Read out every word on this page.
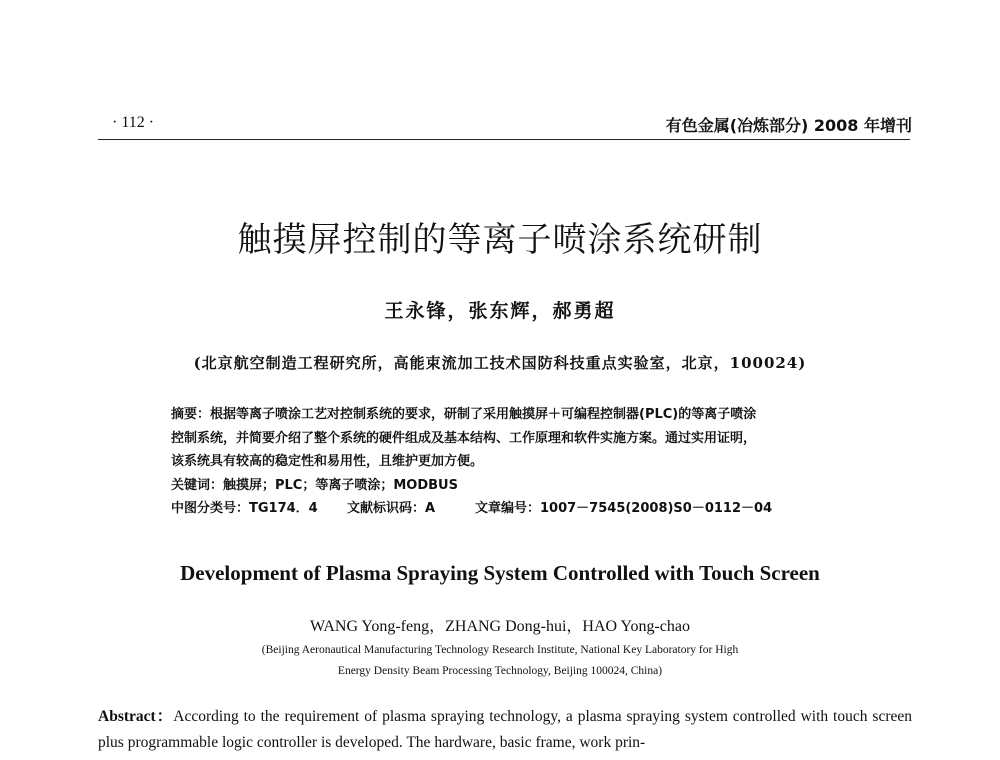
· 112 ·	有色金属(冶炼部分) 2008 年增刊
触摸屏控制的等离子喷涂系统研制
王永锋，张东辉，郝勇超
(北京航空制造工程研究所，高能束流加工技术国防科技重点实验室，北京，100024)

摘要：根据等离子喷涂工艺对控制系统的要求，研制了采用触摸屏＋可编程控制器(PLC)的等离子喷涂

控制系统，并简要介绍了整个系统的硬件组成及基本结构、工作原理和软件实施方案。通过实用证明，

该系统具有较高的稳定性和易用性，且维护更加方便。

关键词：触摸屏；PLC；等离子喷涂；MODBUS

中图分类号：TG174．4 文献标识码：A	文章编号：1007－7545(2008)S0－0112－04

Development of Plasma Spraying System Controlled with Touch Screen
WANG Yong-feng，ZHANG Dong-hui，HAO Yong-chao
(Beijing Aeronautical Manufacturing Technology Research Institute, National Key Laboratory for High
Energy Density Beam Processing Technology, Beijing 100024, China)
Abstract：According to the requirement of plasma spraying technology, a plasma spraying system controlled with touch screen plus programmable logic controller is developed. The hardware, basic frame, work prin-
